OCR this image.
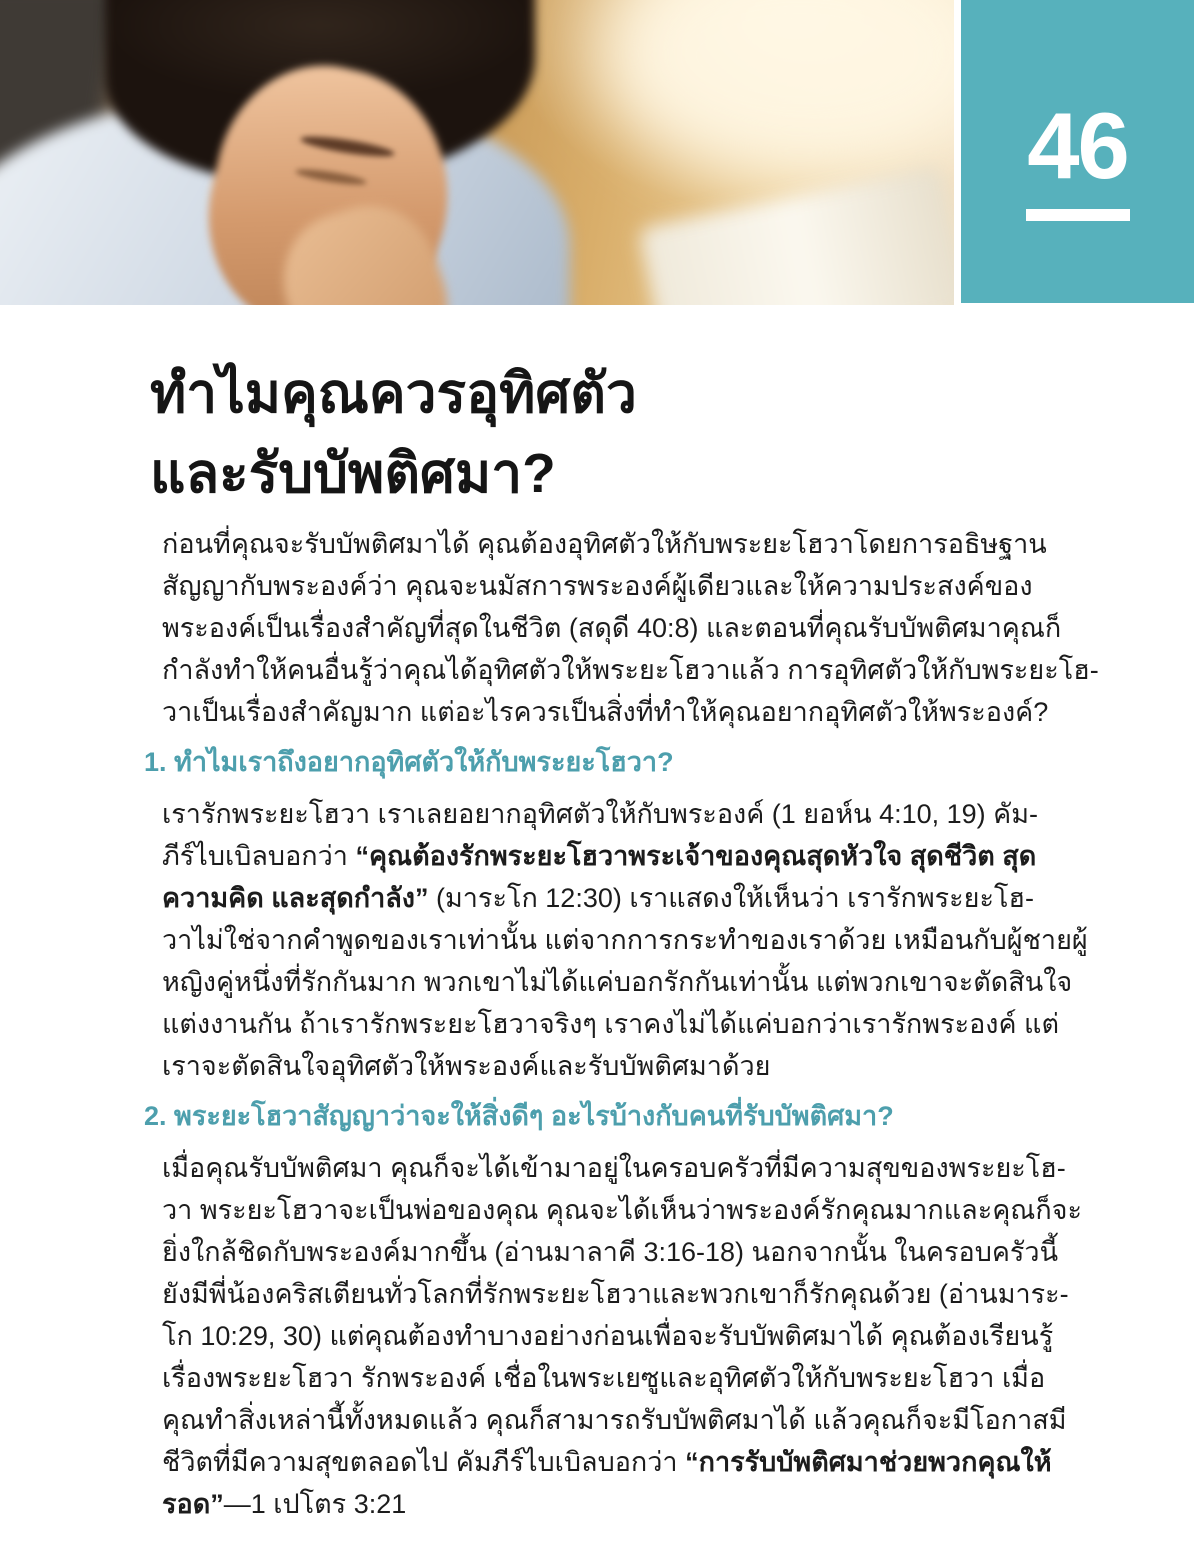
46
ทำไมคุณควรอุทิศตัว
และรับบัพติศมา?
ก่อนที่คุณจะรับบัพติศมาได้ คุณต้องอุทิศตัวให้กับพระยะโฮวาโดยการอธิษฐาน
สัญญากับพระองค์ว่า คุณจะนมัสการพระองค์ผู้เดียวและให้ความประสงค์ของ
พระองค์เป็นเรื่องสำคัญที่สุดในชีวิต (สดุดี 40:8) และตอนที่คุณรับบัพติศมาคุณก็
กำลังทำให้คนอื่นรู้ว่าคุณได้อุทิศตัวให้พระยะโฮวาแล้ว การอุทิศตัวให้กับพระยะโฮ-
วาเป็นเรื่องสำคัญมาก แต่อะไรควรเป็นสิ่งที่ทำให้คุณอยากอุทิศตัวให้พระองค์?
1. ทำไมเราถึงอยากอุทิศตัวให้กับพระยะโฮวา?
เรารักพระยะโฮวา เราเลยอยากอุทิศตัวให้กับพระองค์ (1 ยอห์น 4:10, 19) คัม-
ภีร์ไบเบิลบอกว่า “คุณต้องรักพระยะโฮวาพระเจ้าของคุณสุดหัวใจ สุดชีวิต สุด
ความคิด และสุดกำลัง” (มาระโก 12:30) เราแสดงให้เห็นว่า เรารักพระยะโฮ-
วาไม่ใช่จากคำพูดของเราเท่านั้น แต่จากการกระทำของเราด้วย เหมือนกับผู้ชายผู้
หญิงคู่หนึ่งที่รักกันมาก พวกเขาไม่ได้แค่บอกรักกันเท่านั้น แต่พวกเขาจะตัดสินใจ
แต่งงานกัน ถ้าเรารักพระยะโฮวาจริงๆ เราคงไม่ได้แค่บอกว่าเรารักพระองค์ แต่
เราจะตัดสินใจอุทิศตัวให้พระองค์และรับบัพติศมาด้วย
2. พระยะโฮวาสัญญาว่าจะให้สิ่งดีๆ อะไรบ้างกับคนที่รับบัพติศมา?
เมื่อคุณรับบัพติศมา คุณก็จะได้เข้ามาอยู่ในครอบครัวที่มีความสุขของพระยะโฮ-
วา พระยะโฮวาจะเป็นพ่อของคุณ คุณจะได้เห็นว่าพระองค์รักคุณมากและคุณก็จะ
ยิ่งใกล้ชิดกับพระองค์มากขึ้น (อ่านมาลาคี 3:16-18) นอกจากนั้น ในครอบครัวนี้
ยังมีพี่น้องคริสเตียนทั่วโลกที่รักพระยะโฮวาและพวกเขาก็รักคุณด้วย (อ่านมาระ-
โก 10:29, 30) แต่คุณต้องทำบางอย่างก่อนเพื่อจะรับบัพติศมาได้ คุณต้องเรียนรู้
เรื่องพระยะโฮวา รักพระองค์ เชื่อในพระเยซูและอุทิศตัวให้กับพระยะโฮวา เมื่อ
คุณทำสิ่งเหล่านี้ทั้งหมดแล้ว คุณก็สามารถรับบัพติศมาได้ แล้วคุณก็จะมีโอกาสมี
ชีวิตที่มีความสุขตลอดไป คัมภีร์ไบเบิลบอกว่า “การรับบัพติศมาช่วยพวกคุณให้
รอด”—1 เปโตร 3:21
